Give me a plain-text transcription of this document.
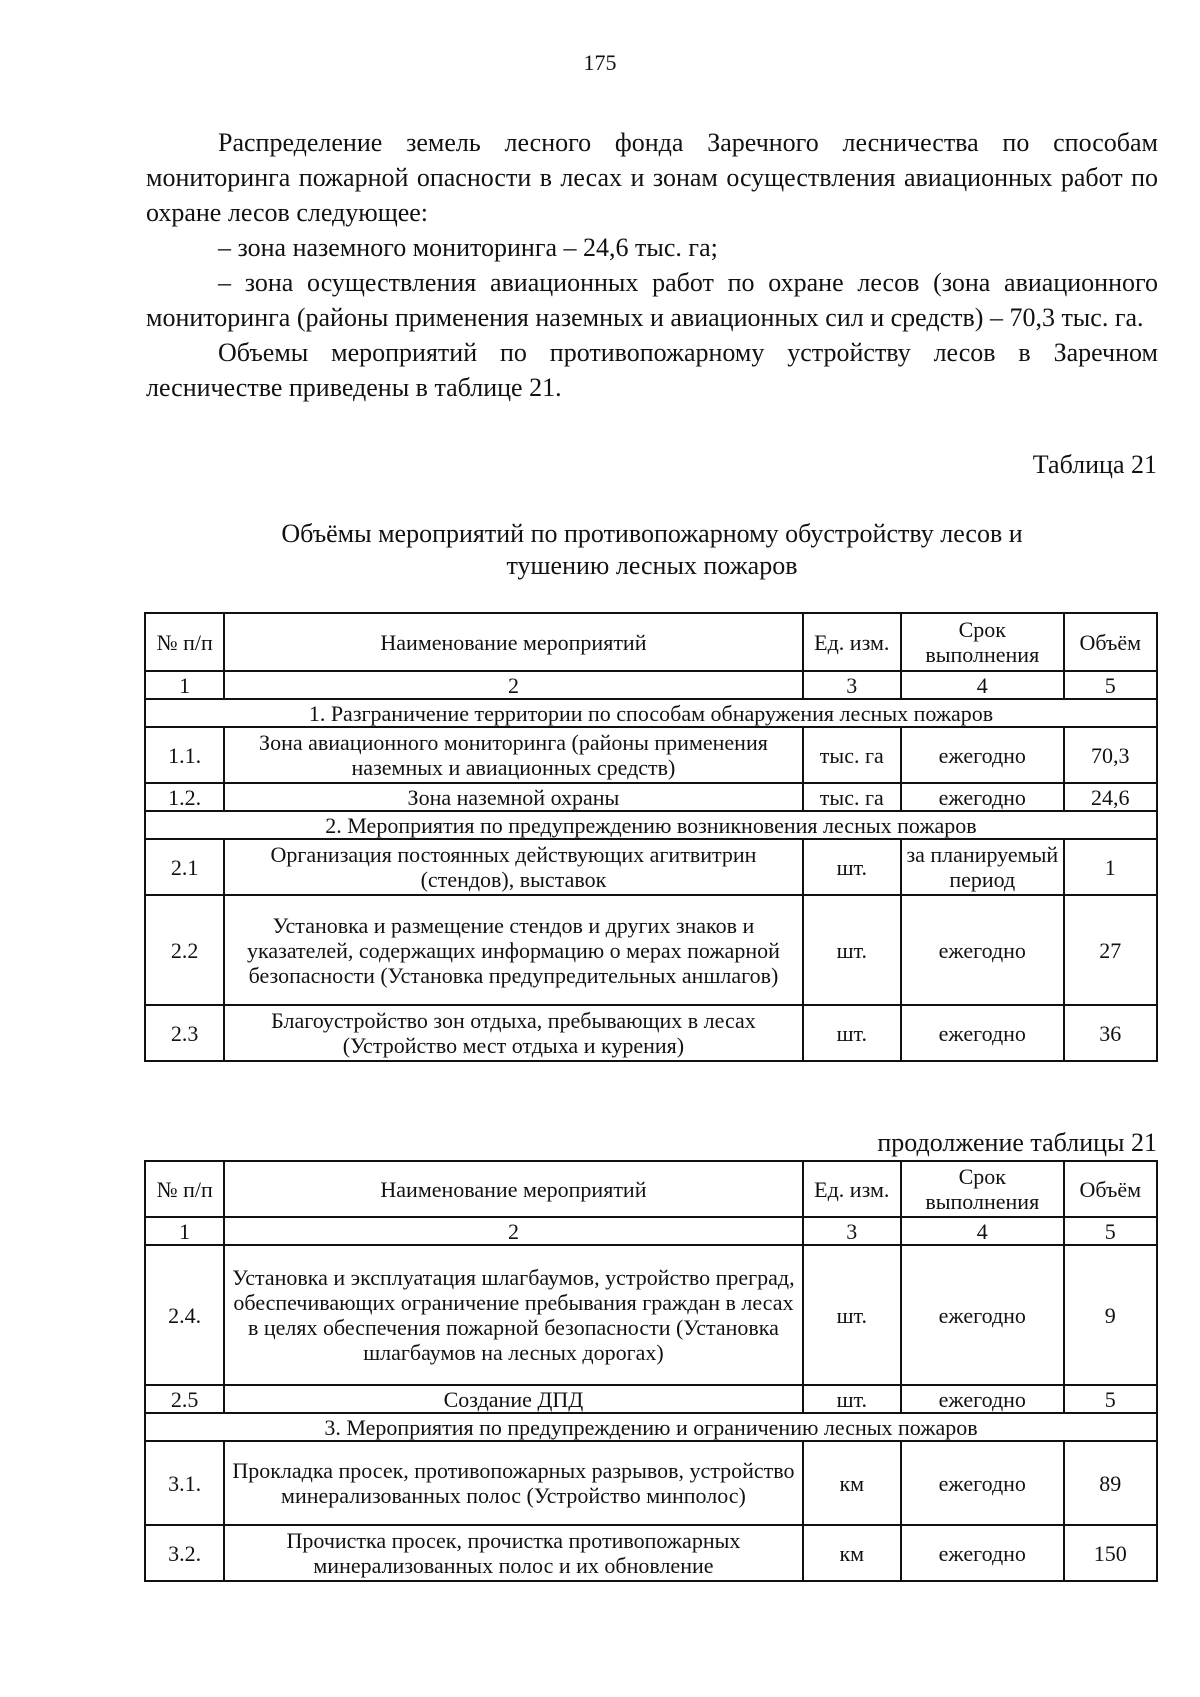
175

Распределение земель лесного фонда Заречного лесничества по способам мониторинга пожарной опасности в лесах и зонам осуществления авиационных работ по охране лесов следующее:

– зона наземного мониторинга – 24,6 тыс. га;

– зона осуществления авиационных работ по охране лесов (зона авиационного мониторинга (районы применения наземных и авиационных сил и средств) – 70,3 тыс. га.

Объемы мероприятий по противопожарному устройству лесов в Заречном лесничестве приведены в таблице 21.

Таблица 21
Объёмы мероприятий по противопожарному обустройству лесов и
тушению лесных пожаров
№ п/п	Наименование мероприятий	Ед. изм.	Срок выполнения	Объём
1	2	3	4	5
1. Разграничение территории по способам обнаружения лесных пожаров				
1.1.	Зона авиационного мониторинга (районы применения наземных и авиационных средств)	тыс. га	ежегодно	70,3
1.2.	Зона наземной охраны	тыс. га	ежегодно	24,6
2. Мероприятия по предупреждению возникновения лесных пожаров				
2.1	Организация постоянных действующих агитвитрин (стендов), выставок	шт.	за планируемый период	1
2.2	Установка и размещение стендов и других знаков и указателей, содержащих информацию о мерах пожарной безопасности (Установка предупредительных аншлагов)	шт.	ежегодно	27
2.3	Благоустройство зон отдыха, пребывающих в лесах (Устройство мест отдыха и курения)	шт.	ежегодно	36
продолжение таблицы 21
№ п/п	Наименование мероприятий	Ед. изм.	Срок выполнения	Объём
1	2	3	4	5
2.4.	Установка и эксплуатация шлагбаумов, устройство преград, обеспечивающих ограничение пребывания граждан в лесах в целях обеспечения пожарной безопасности (Установка шлагбаумов на лесных дорогах)	шт.	ежегодно	9
2.5	Создание ДПД	шт.	ежегодно	5
3. Мероприятия по предупреждению и ограничению лесных пожаров				
3.1.	Прокладка просек, противопожарных разрывов, устройство минерализованных полос (Устройство минполос)	км	ежегодно	89
3.2.	Прочистка просек, прочистка противопожарных минерализованных полос и их обновление	км	ежегодно	150
